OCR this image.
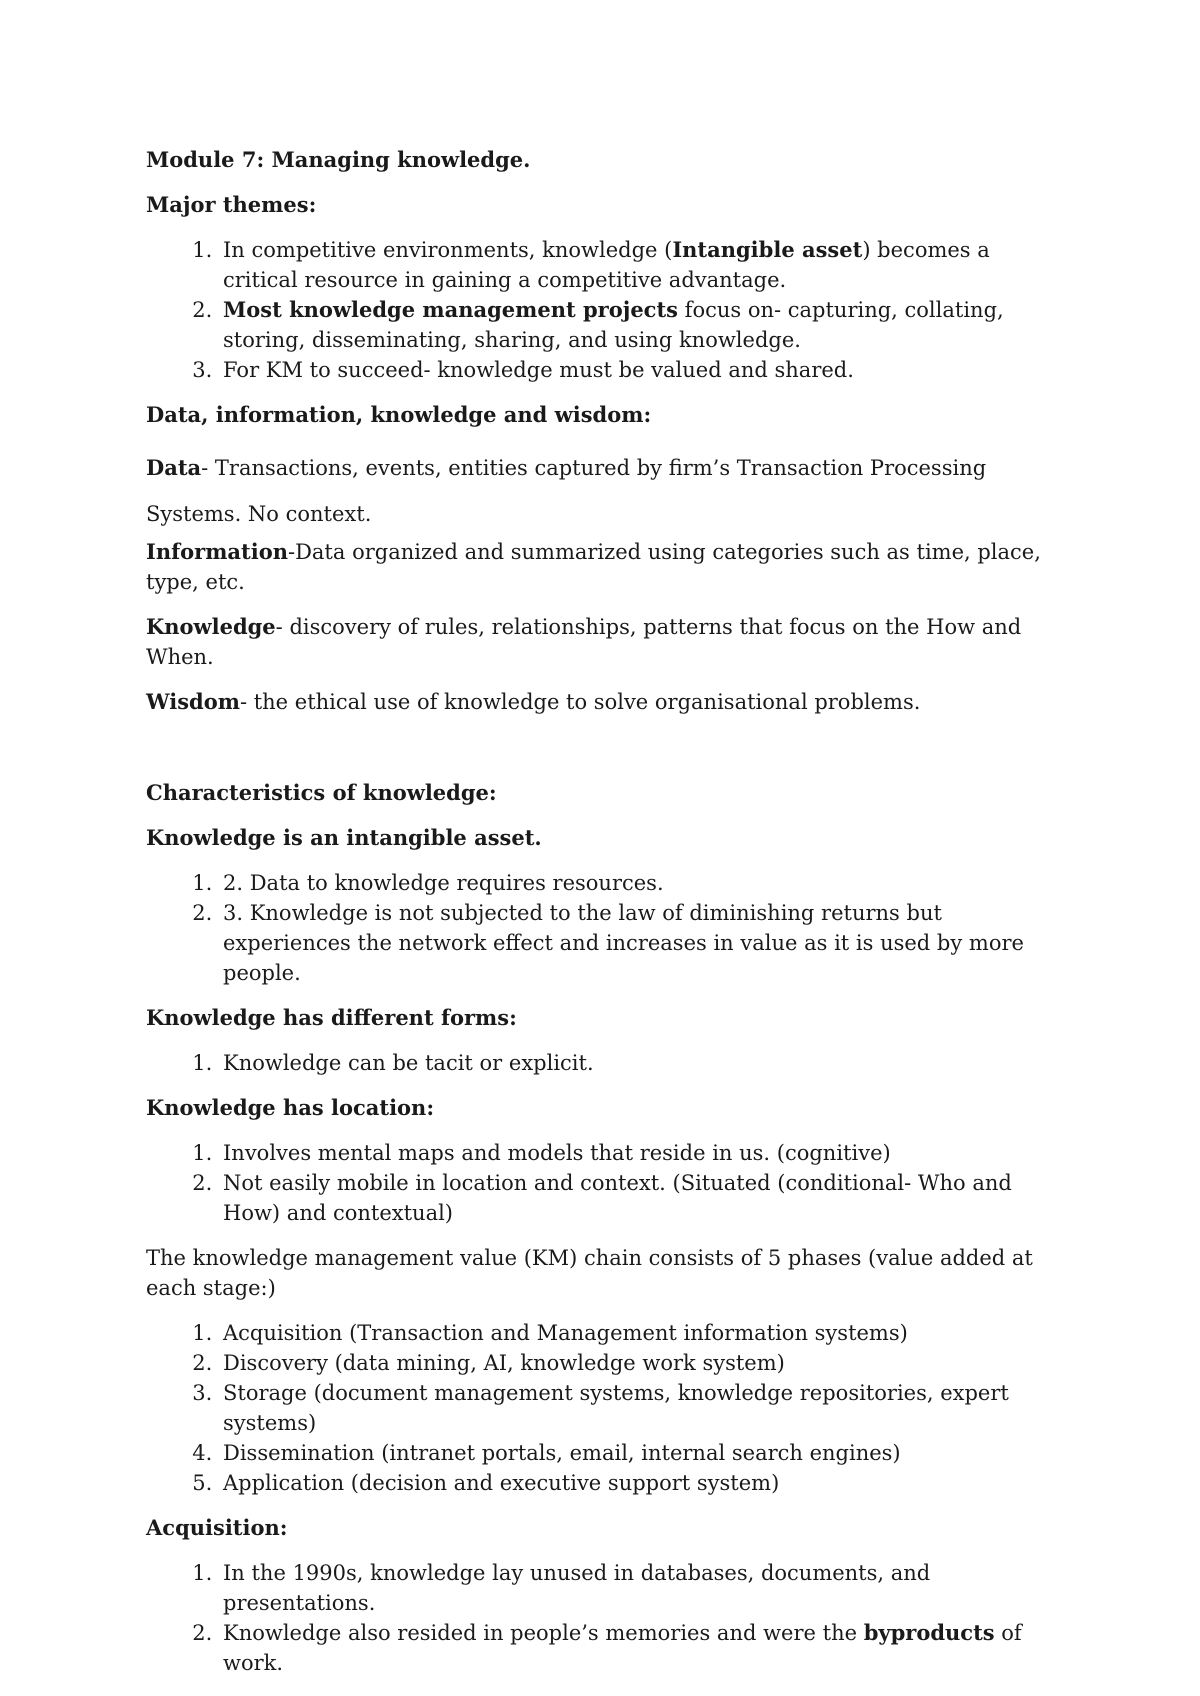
Module 7: Managing knowledge.

Major themes:

1. In competitive environments, knowledge (Intangible asset) becomes a critical resource in gaining a competitive advantage.
2. Most knowledge management projects focus on- capturing, collating, storing, disseminating, sharing, and using knowledge.
3. For KM to succeed- knowledge must be valued and shared.

Data, information, knowledge and wisdom:

Data- Transactions, events, entities captured by firm’s Transaction Processing Systems. No context.

Information-Data organized and summarized using categories such as time, place, type, etc.

Knowledge- discovery of rules, relationships, patterns that focus on the How and When.

Wisdom- the ethical use of knowledge to solve organisational problems.

Characteristics of knowledge:

Knowledge is an intangible asset.

1. 2. Data to knowledge requires resources.
2. 3. Knowledge is not subjected to the law of diminishing returns but experiences the network effect and increases in value as it is used by more people.

Knowledge has different forms:

1. Knowledge can be tacit or explicit.

Knowledge has location:

1. Involves mental maps and models that reside in us. (cognitive)
2. Not easily mobile in location and context. (Situated (conditional- Who and How) and contextual)

The knowledge management value (KM) chain consists of 5 phases (value added at each stage:)

1. Acquisition (Transaction and Management information systems)
2. Discovery (data mining, AI, knowledge work system)
3. Storage (document management systems, knowledge repositories, expert systems)
4. Dissemination (intranet portals, email, internal search engines)
5. Application (decision and executive support system)

Acquisition:

1. In the 1990s, knowledge lay unused in databases, documents, and presentations.
2. Knowledge also resided in people’s memories and were the byproducts of work.
